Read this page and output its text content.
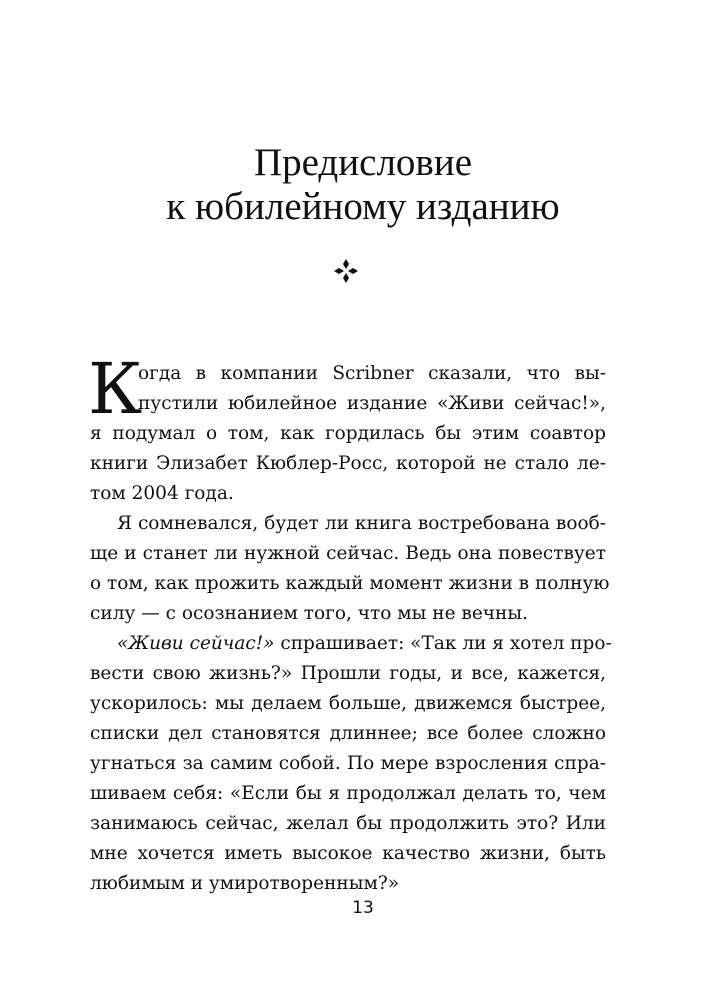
Предисловие
к юбилейному изданию
К
огда в компании Scribner сказали, что вы-
пустили юбилейное издание «Живи сейчас!»,
я подумал о том, как гордилась бы этим соавтор
книги Элизабет Кюблер-Росс, которой не стало ле-
том 2004 года.
Я сомневался, будет ли книга востребована вооб-
ще и станет ли нужной сейчас. Ведь она повествует
о том, как прожить каждый момент жизни в полную
силу — с осознанием того, что мы не вечны.
«Живи сейчас!» спрашивает: «Так ли я хотел про-
вести свою жизнь?» Прошли годы, и все, кажется,
ускорилось: мы делаем больше, движемся быстрее,
списки дел становятся длиннее; все более сложно
угнаться за самим собой. По мере взросления спра-
шиваем себя: «Если бы я продолжал делать то, чем
занимаюсь сейчас, желал бы продолжить это? Или
мне хочется иметь высокое качество жизни, быть
любимым и умиротворенным?»
13
